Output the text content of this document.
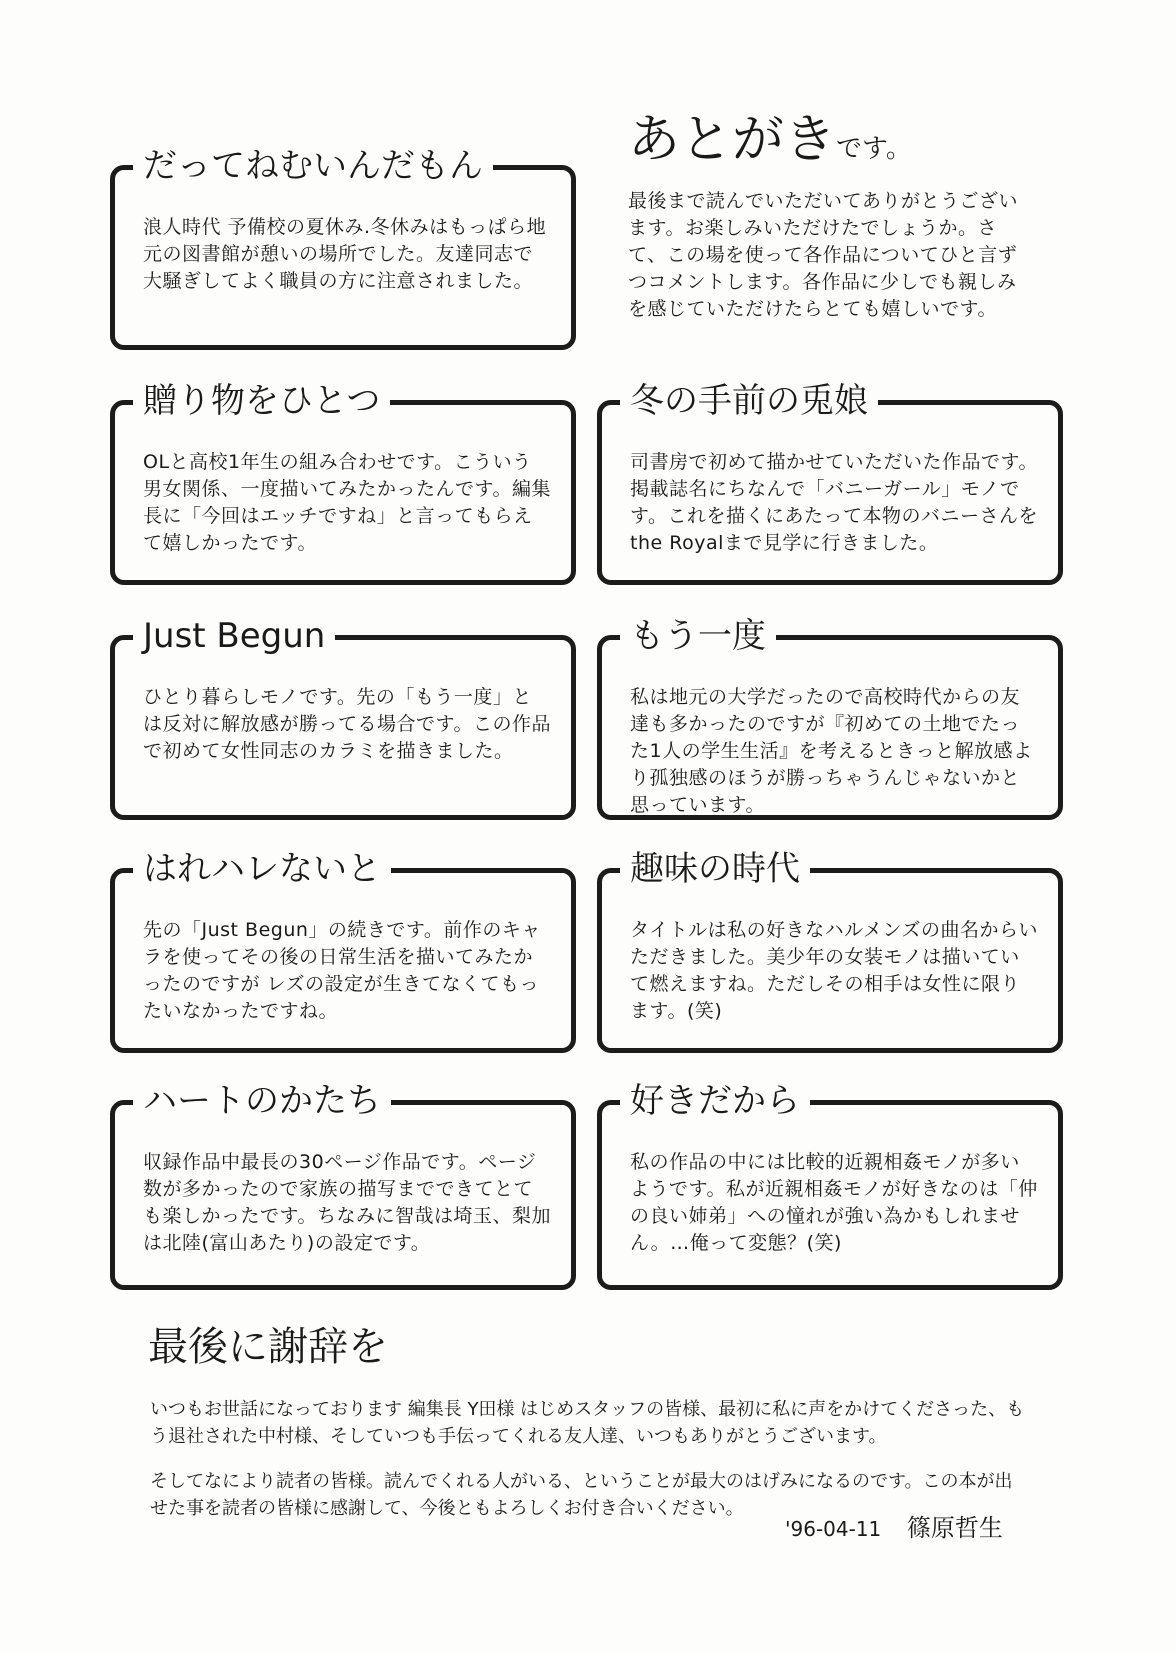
あとがきです。
最後まで読んでいただいてありがとうございます。お楽しみいただけたでしょうか。さて、この場を使って各作品についてひと言ずつコメントします。各作品に少しでも親しみを感じていただけたらとても嬉しいです。
だってねむいんだもん
浪人時代 予備校の夏休み.冬休みはもっぱら地元の図書館が憩いの場所でした。友達同志で大騒ぎしてよく職員の方に注意されました。
贈り物をひとつ
OLと高校1年生の組み合わせです。こういう男女関係、一度描いてみたかったんです。編集長に「今回はエッチですね」と言ってもらえて嬉しかったです。
冬の手前の兎娘
司書房で初めて描かせていただいた作品です。掲載誌名にちなんで「バニーガール」モノです。これを描くにあたって本物のバニーさんをthe Royalまで見学に行きました。
Just Begun
ひとり暮らしモノです。先の「もう一度」とは反対に解放感が勝ってる場合です。この作品で初めて女性同志のカラミを描きました。
もう一度
私は地元の大学だったので高校時代からの友達も多かったのですが『初めての土地でたった1人の学生生活』を考えるときっと解放感より孤独感のほうが勝っちゃうんじゃないかと思っています。
はれハレないと
先の「Just Begun」の続きです。前作のキャラを使ってその後の日常生活を描いてみたかったのですが レズの設定が生きてなくてもったいなかったですね。
趣味の時代
タイトルは私の好きなハルメンズの曲名からいただきました。美少年の女装モノは描いていて燃えますね。ただしその相手は女性に限ります。(笑)
ハートのかたち
収録作品中最長の30ページ作品です。ページ数が多かったので家族の描写までできてとても楽しかったです。ちなみに智哉は埼玉、梨加は北陸(富山あたり)の設定です。
好きだから
私の作品の中には比較的近親相姦モノが多いようです。私が近親相姦モノが好きなのは「仲の良い姉弟」への憧れが強い為かもしれません。…俺って変態？(笑)
最後に謝辞を
いつもお世話になっております 編集長 Y田様 はじめスタッフの皆様、最初に私に声をかけてくださった、もう退社された中村様、そしていつも手伝ってくれる友人達、いつもありがとうございます。
そしてなにより読者の皆様。読んでくれる人がいる、ということが最大のはげみになるのです。この本が出せた事を読者の皆様に感謝して、今後ともよろしくお付き合いください。
'96-04-11 篠原哲生
